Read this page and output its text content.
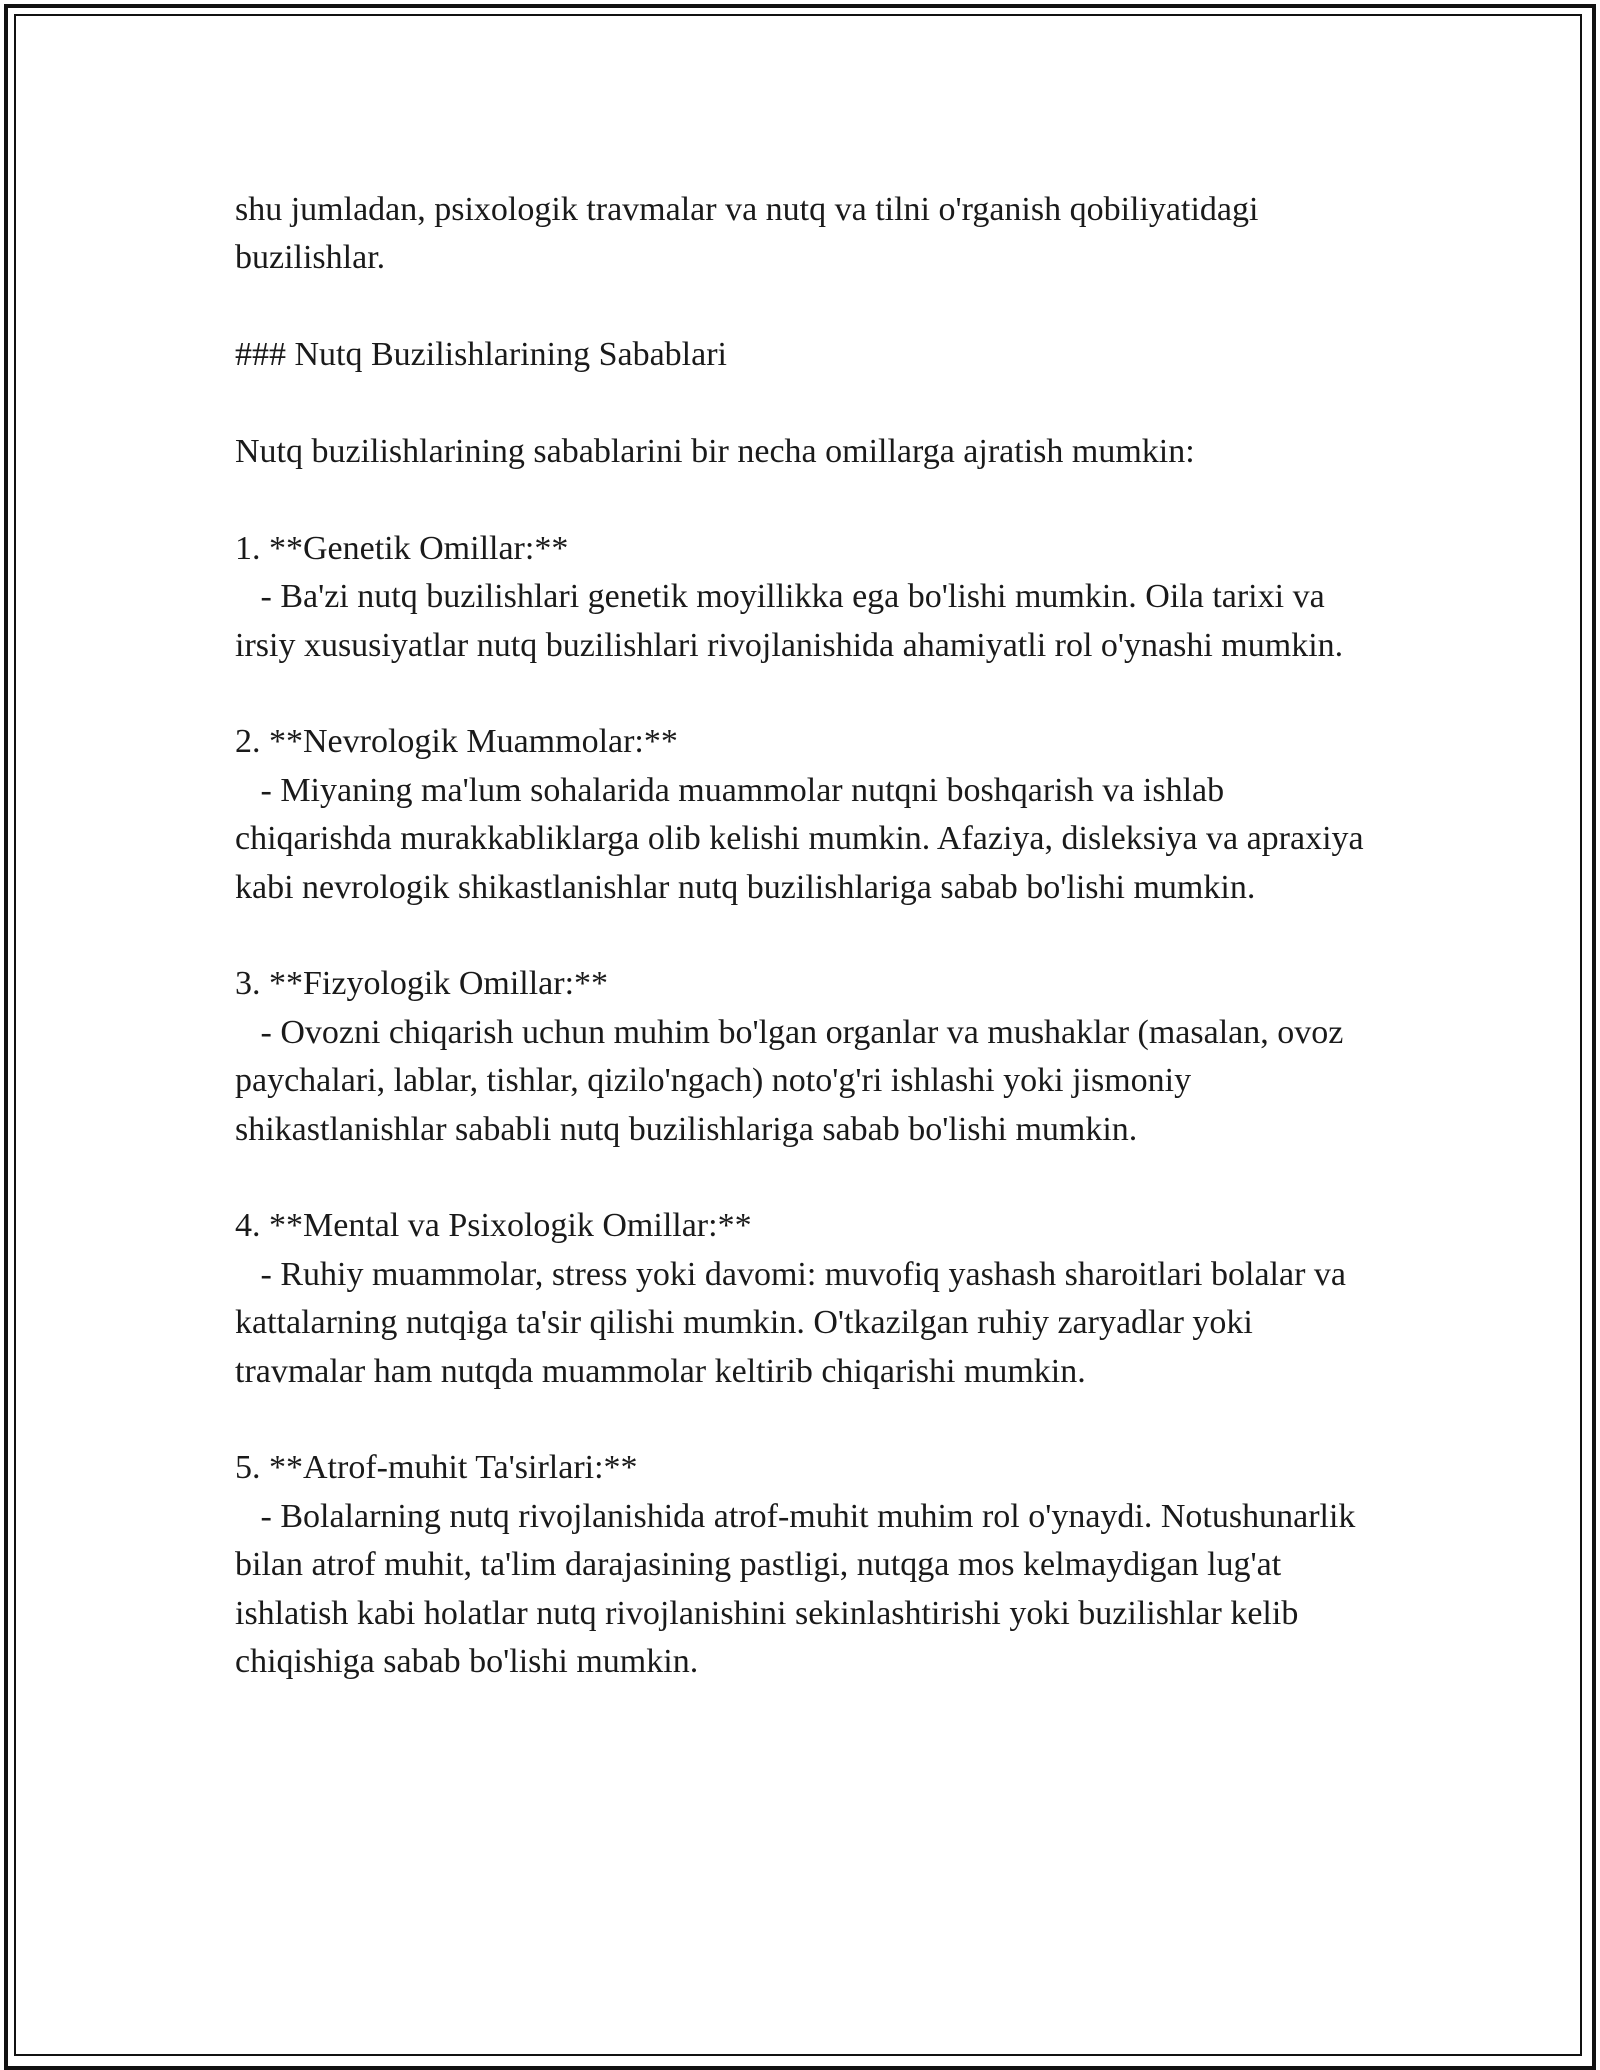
shu jumladan, psixologik travmalar va nutq va tilni o'rganish qobiliyatidagi buzilishlar.

### Nutq Buzilishlarining Sabablari

Nutq buzilishlarining sabablarini bir necha omillarga ajratish mumkin:

1. **Genetik Omillar:**

- Ba'zi nutq buzilishlari genetik moyillikka ega bo'lishi mumkin. Oila tarixi va irsiy xususiyatlar nutq buzilishlari rivojlanishida ahamiyatli rol o'ynashi mumkin.

2. **Nevrologik Muammolar:**

- Miyaning ma'lum sohalarida muammolar nutqni boshqarish va ishlab chiqarishda murakkabliklarga olib kelishi mumkin. Afaziya, disleksiya va apraxiya kabi nevrologik shikastlanishlar nutq buzilishlariga sabab bo'lishi mumkin.

3. **Fizyologik Omillar:**

- Ovozni chiqarish uchun muhim bo'lgan organlar va mushaklar (masalan, ovoz paychalari, lablar, tishlar, qizilo'ngach) noto'g'ri ishlashi yoki jismoniy shikastlanishlar sababli nutq buzilishlariga sabab bo'lishi mumkin.

4. **Mental va Psixologik Omillar:**

- Ruhiy muammolar, stress yoki davomi: muvofiq yashash sharoitlari bolalar va kattalarning nutqiga ta'sir qilishi mumkin. O'tkazilgan ruhiy zaryadlar yoki travmalar ham nutqda muammolar keltirib chiqarishi mumkin.

5. **Atrof-muhit Ta'sirlari:**

- Bolalarning nutq rivojlanishida atrof-muhit muhim rol o'ynaydi. Notushunarlik bilan atrof muhit, ta'lim darajasining pastligi, nutqga mos kelmaydigan lug'at ishlatish kabi holatlar nutq rivojlanishini sekinlashtirishi yoki buzilishlar kelib chiqishiga sabab bo'lishi mumkin.
